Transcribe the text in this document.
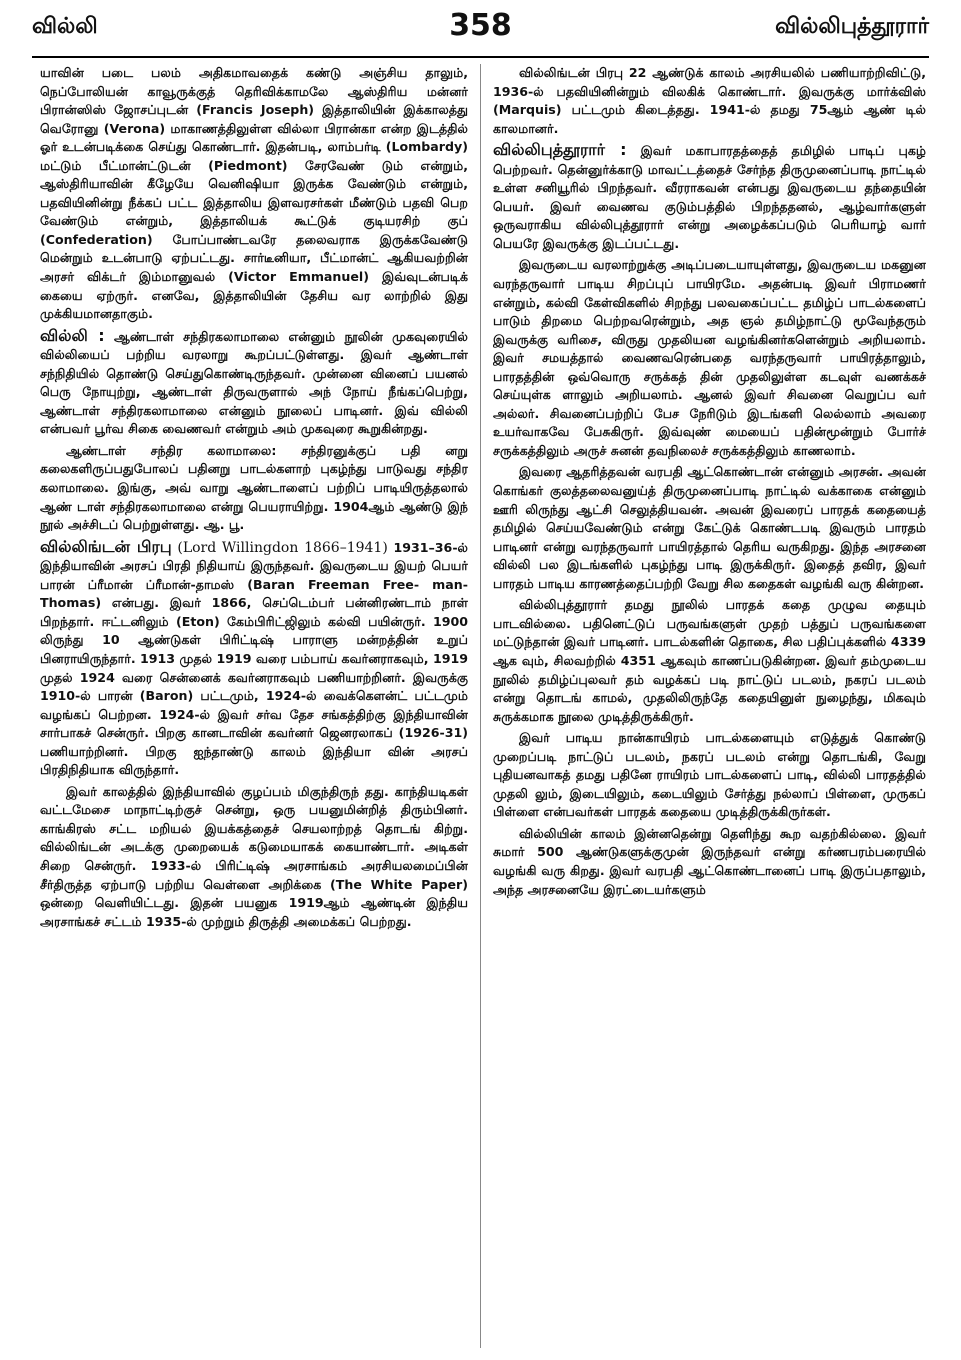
வில்லி	358	வில்லிபுத்தூரார்

யாவின் படை பலம் அதிகமாவதைக் கண்டு அஞ்சிய தாலும், நெப்போலியன் காவூருக்குத் தெரிவிக்காமலே ஆஸ்திரிய மன்னர் பிரான்ஸிஸ் ஜோசப்புடன் (Francis Joseph) இத்தாலியின் இக்காலத்து வெரோனு (Verona) மாகாணத்திலுள்ள வில்லா பிரான்கா என்ற இடத்தில் ஓர் உடன்படிக்கை செய்து கொண்டார். இதன்படி, லாம்பர்டி (Lombardy) மட்டும் பீட்மான்ட்டுடன் (Piedmont) சேரவேண் டும் என்றும், ஆஸ்திரியாவின் கீழேயே வெனிஷியா இருக்க வேண்டும் என்றும், பதவியினின்று நீக்கப் பட்ட இத்தாலிய இளவரசர்கள் மீண்டும் பதவி பெற வேண்டும் என்றும், இத்தாலியக் கூட்டுக் குடியரசிற் குப் (Confederation) போப்பாண்டவரே தலைவராக இருக்கவேண்டு மென்றும் உடன்பாடு ஏற்பட்டது. சார்டீனியா, பீட்மான்ட் ஆகியவற்றின் அரசர் விக்டர் இம்மானுவல் (Victor Emmanuel) இவ்வுடன்படிக் கையை ஏற்ருர். எனவே, இத்தாலியின் தேசிய வர லாற்றில் இது முக்கியமானதாகும்.

வில்லி : ஆண்டாள் சந்திரகலாமாலை என்னும் நூலின் முகவுரையில் வில்லியைப் பற்றிய வரலாறு கூறப்பட்டுள்ளது. இவர் ஆண்டாள் சந்நிதியில் தொண்டு செய்துகொண்டிருந்தவர். முன்னை வினைப் பயனல் பெரு நோயுற்று, ஆண்டாள் திருவருளால் அந் நோய் நீங்கப்பெற்று, ஆண்டாள் சந்திரகலாமாலை என்னும் நூலைப் பாடினர். இவ் வில்லி என்பவர் பூர்வ சிகை வைணவர் என்றும் அம் முகவுரை கூறுகின்றது.

ஆண்டாள் சந்திர கலாமாலை: சந்திரனுக்குப் பதி னறு கலைகளிருப்பதுபோலப் பதினறு பாடல்களாற் புகழ்ந்து பாடுவது சந்திர கலாமாலை. இங்கு, அவ் வாறு ஆண்டாளைப் பற்றிப் பாடியிருத்தலால் ஆண் டாள் சந்திரகலாமாலை என்று பெயராயிற்று. 1904ஆம் ஆண்டு இந் நூல் அச்சிடப் பெற்றுள்ளது. ஆ. பூ.

வில்லிங்டன் பிரபு (Lord Willingdon 1866–1941) 1931–36-ல் இந்தியாவின் அரசப் பிரதி நிதியாய் இருந்தவர். இவருடைய இயற் பெயர் பாரன் ப்ரீமான் ப்ரீமான்-தாமஸ் (Baran Freeman Free- man-Thomas) என்பது. இவர் 1866, செப்டெம்பர் பன்னிரண்டாம் நாள் பிறந்தார். ஈட்டனிலும் (Eton) கேம்பிரிட்ஜிலும் கல்வி பயின்ருர். 1900 லிருந்து 10 ஆண்டுகள் பிரிட்டிஷ் பாராளு மன்றத்தின் உறுப் பினராயிருந்தார். 1913 முதல் 1919 வரை பம்பாய் கவர்னராகவும், 1919 முதல் 1924 வரை சென்னைக் கவர்னராகவும் பணியாற்றினர். இவருக்கு 1910-ல் பாரன் (Baron) பட்டமும், 1924-ல் வைக்கௌன்ட் பட்டமும் வழங்கப் பெற்றன. 1924-ல் இவர் சர்வ தேச சங்கத்திற்கு இந்தியாவின் சார்பாகச் சென்ருர். பிறகு கானடாவின் கவர்னர் ஜெனரலாகப் (1926-31) பணியாற்றினர். பிறகு ஐந்தாண்டு காலம் இந்தியா வின் அரசப் பிரதிநிதியாக விருந்தார்.

இவர் காலத்தில் இந்தியாவில் குழப்பம் மிகுந்திருந் தது. காந்தியடிகள் வட்டமேசை மாநாட்டிற்குச் சென்று, ஒரு பயனுமின்றித் திரும்பினர். காங்கிரஸ் சட்ட மறியல் இயக்கத்தைச் செயலாற்றத் தொடங் கிற்று. வில்லிங்டன் அடக்கு முறையைக் கடுமையாகக் கையாண்டார். அடிகள் சிறை சென்ருர். 1933-ல் பிரிட்டிஷ் அரசாங்கம் அரசியலமைப்பின் சீர்திருத்த ஏற்பாடு பற்றிய வெள்ளை அறிக்கை (The White Paper) ஒன்றை வெளியிட்டது. இதன் பயனுக 1919ஆம் ஆண்டின் இந்திய அரசாங்கச் சட்டம் 1935-ல் முற்றும் திருத்தி அமைக்கப் பெற்றது.

வில்லிங்டன் பிரபு 22 ஆண்டுக் காலம் அரசியலில் பணியாற்றிவிட்டு, 1936-ல் பதவியினின்றும் விலகிக் கொண்டார். இவருக்கு மார்க்விஸ் (Marquis) பட்டமும் கிடைத்தது. 1941-ல் தமது 75ஆம் ஆண் டில் காலமானர்.

வில்லிபுத்தூரார் : இவர் மகாபாரதத்தைத் தமிழில் பாடிப் புகழ் பெற்றவர். தென்னுர்க்காடு மாவட்டத்தைச் சேர்ந்த திருமுனைப்பாடி நாட்டில் உள்ள சனியூரில் பிறந்தவர். வீரராகவன் என்பது இவருடைய தந்தையின் பெயர். இவர் வைணவ குடும்பத்தில் பிறந்ததனல், ஆழ்வார்களுள் ஒருவராகிய வில்லிபுத்தூரார் என்று அழைக்கப்படும் பெரியாழ் வார் பெயரே இவருக்கு இடப்பட்டது.

இவருடைய வரலாற்றுக்கு அடிப்படையாயுள்ளது, இவருடைய மகனுன வரந்தருவார் பாடிய சிறப்புப் பாயிரமே. அதன்படி இவர் பிராமணர் என்றும், கல்வி கேள்விகளில் சிறந்து பலவகைப்பட்ட தமிழ்ப் பாடல்களைப் பாடும் திறமை பெற்றவரென்றும், அத ஞல் தமிழ்நாட்டு மூவேந்தரும் இவருக்கு வரிசை, விருது முதலியன வழங்கினர்களென்றும் அறியலாம். இவர் சமயத்தால் வைணவரென்பதை வரந்தருவார் பாயிரத்தாலும், பாரதத்தின் ஒவ்வொரு சருக்கத் தின் முதலிலுள்ள கடவுள் வணக்கச் செய்யுள்க ளாலும் அறியலாம். ஆனல் இவர் சிவனை வெறுப்ப வர் அல்லர். சிவனைப்பற்றிப் பேச நேரிடும் இடங்களி லெல்லாம் அவரை உயர்வாகவே பேசுகிருர். இவ்வுண் மையைப் பதின்மூன்றும் போர்ச் சருக்கத்திலும் அருச் சுனன் தவநிலைச் சருக்கத்திலும் காணலாம்.

இவரை ஆதரித்தவன் வரபதி ஆட்கொண்டான் என்னும் அரசன். அவன் கொங்கர் குலத்தலைவனுய்த் திருமுனைப்பாடி நாட்டில் வக்காகை என்னும் ஊரி லிருந்து ஆட்சி செலுத்தியவன். அவன் இவரைப் பாரதக் கதையைத் தமிழில் செய்யவேண்டும் என்று கேட்டுக் கொண்டபடி இவரும் பாரதம் பாடினர் என்று வரந்தருவார் பாயிரத்தால் தெரிய வருகிறது. இந்த அரசனை வில்லி பல இடங்களில் புகழ்ந்து பாடி இருக்கிருர். இதைத் தவிர, இவர் பாரதம் பாடிய காரணத்தைப்பற்றி வேறு சில கதைகள் வழங்கி வரு கின்றன.

வில்லிபுத்தூரார் தமது நூலில் பாரதக் கதை முழுவ தையும் பாடவில்லை. பதினெட்டுப் பருவங்களுள் முதற் பத்துப் பருவங்களை மட்டுந்தான் இவர் பாடினர். பாடல்களின் தொகை, சில பதிப்புக்களில் 4339 ஆக வும், சிலவற்றில் 4351 ஆகவும் காணப்படுகின்றன. இவர் தம்முடைய நூலில் தமிழ்ப்புலவர் தம் வழக்கப் படி நாட்டுப் படலம், நகரப் படலம் என்று தொடங் காமல், முதலிலிருந்தே கதையினுள் நுழைந்து, மிகவும் சுருக்கமாக நூலை முடித்திருக்கிருர்.

இவர் பாடிய நான்காயிரம் பாடல்களையும் எடுத்துக் கொண்டு முறைப்படி நாட்டுப் படலம், நகரப் படலம் என்று தொடங்கி, வேறு புதியனவாகத் தமது பதினே ராயிரம் பாடல்களைப் பாடி, வில்லி பாரதத்தில் முதலி லும், இடையிலும், கடையிலும் சேர்த்து நல்லாப் பிள்ளை, முருகப் பிள்ளை என்பவர்கள் பாரதக் கதையை முடித்திருக்கிருர்கள்.

வில்லியின் காலம் இன்னதென்று தெளிந்து கூற வதற்கில்லை. இவர் சுமார் 500 ஆண்டுகளுக்குமுன் இருந்தவர் என்று கர்ணபரம்பரையில் வழங்கி வரு கிறது. இவர் வரபதி ஆட்கொண்டானைப் பாடி இருப்பதாலும், அந்த அரசனையே இரட்டையர்களும்
